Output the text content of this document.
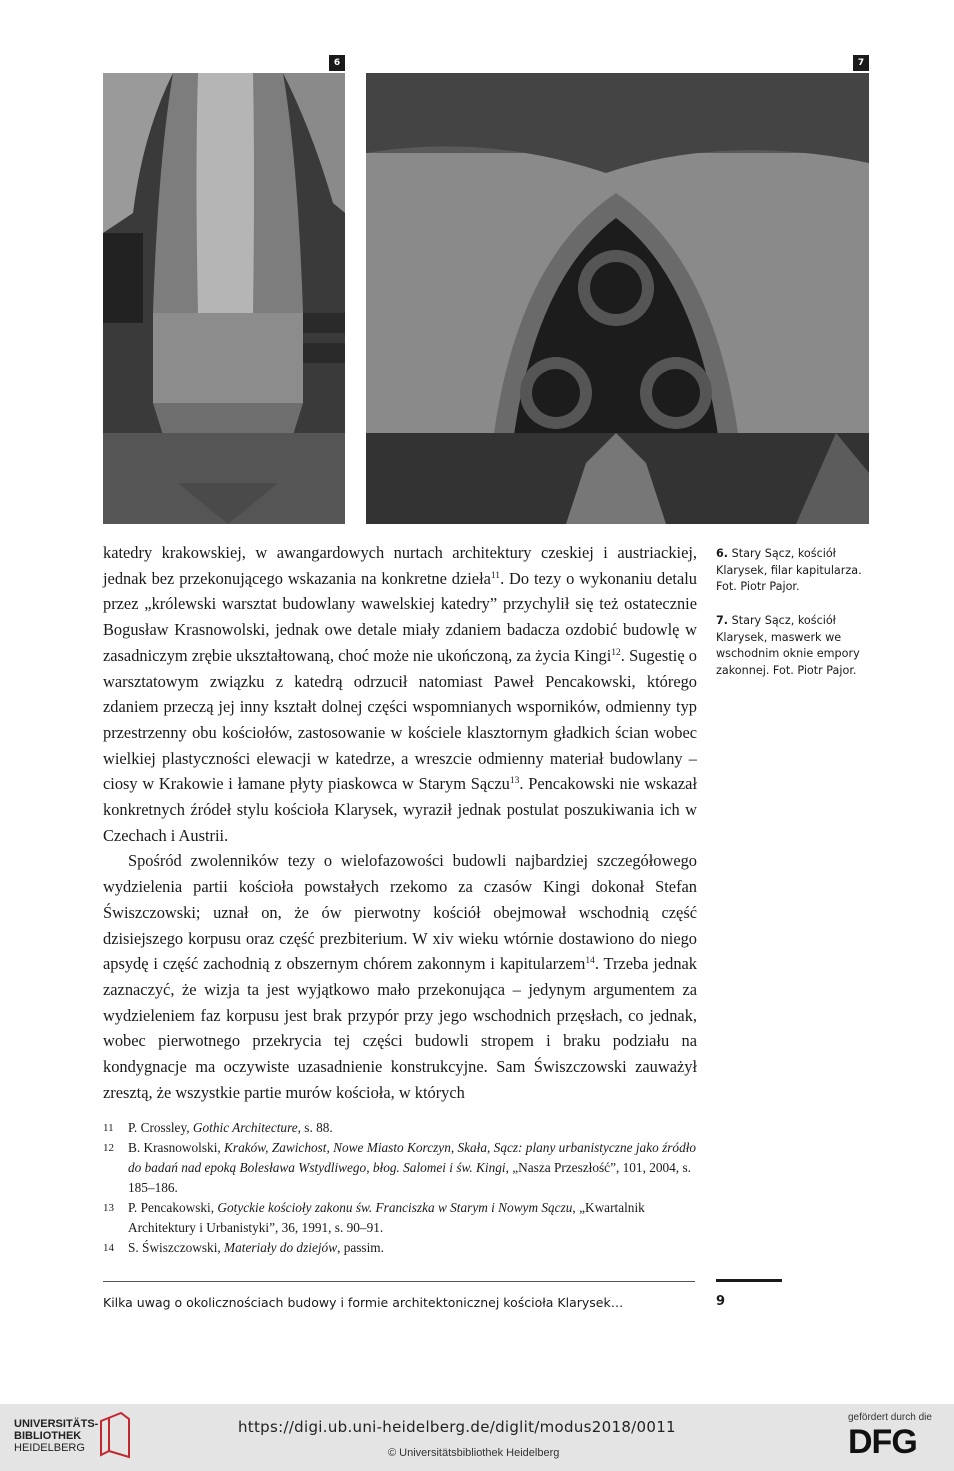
6	7
6. Stary Sącz, kościół Klarysek, filar kapitularza. Fot. Piotr Pajor.
7. Stary Sącz, kościół Klarysek, maswerk we wschodnim oknie empory zakonnej. Fot. Piotr Pajor.

katedry krakowskiej, w awangardowych nurtach architektury czeskiej i austriackiej, jednak bez przekonującego wskazania na konkretne dzieła$^{11}$. Do tezy o wykonaniu detalu przez „królewski warsztat budowlany wawelskiej katedry” przychylił się też ostatecznie Bogusław Krasnowolski, jednak owe detale miały zdaniem badacza ozdobić budowlę w zasadniczym zrębie ukształtowaną, choć może nie ukończoną, za życia Kingi$^{12}$. Sugestię o warsztatowym związku z katedrą odrzucił natomiast Paweł Pencakowski, którego zdaniem przeczą jej inny kształt dolnej części wspomnianych wsporników, odmienny typ przestrzenny obu kościołów, zastosowanie w kościele klasztornym gładkich ścian wobec wielkiej plastyczności elewacji w katedrze, a wreszcie odmienny materiał budowlany – ciosy w Krakowie i łamane płyty piaskowca w Starym Sączu$^{13}$. Pencakowski nie wskazał konkretnych źródeł stylu kościoła Klarysek, wyraził jednak postulat poszukiwania ich w Czechach i Austrii.

Spośród zwolenników tezy o wielofazowości budowli najbardziej szczegółowego wydzielenia partii kościoła powstałych rzekomo za czasów Kingi dokonał Stefan Świszczowski; uznał on, że ów pierwotny kościół obejmował wschodnią część dzisiejszego korpusu oraz część prezbiterium. W xiv wieku wtórnie dostawiono do niego apsydę i część zachodnią z obszernym chórem zakonnym i kapitularzem$^{14}$. Trzeba jednak zaznaczyć, że wizja ta jest wyjątkowo mało przekonująca – jedynym argumentem za wydzieleniem faz korpusu jest brak przypór przy jego wschodnich przęsłach, co jednak, wobec pierwotnego przekrycia tej części budowli stropem i braku podziału na kondygnacje ma oczywiste uzasadnienie konstrukcyjne. Sam Świszczowski zauważył zresztą, że wszystkie partie murów kościoła, w których

11 P. Crossley, Gothic Architecture, s. 88.
12 B. Krasnowolski, Kraków, Zawichost, Nowe Miasto Korczyn, Skała, Sącz: plany urbanistyczne jako źródło do badań nad epoką Bolesława Wstydliwego, błog. Salomei i św. Kingi, „Nasza Przeszłość”, 101, 2004, s. 185–186.
13 P. Pencakowski, Gotyckie kościoły zakonu św. Franciszka w Starym i Nowym Sączu, „Kwartalnik Architektury i Urbanistyki”, 36, 1991, s. 90–91.
14 S. Świszczowski, Materiały do dziejów, passim.
Kilka uwag o okolicznościach budowy i formie architektonicznej kościoła Klarysek…	9
UNIVERSITÄTS-
BIBLIOTHEK
HEIDELBERG
https://digi.ub.uni-heidelberg.de/diglit/modus2018/0011
© Universitätsbibliothek Heidelberg
gefördert durch die
DFG
